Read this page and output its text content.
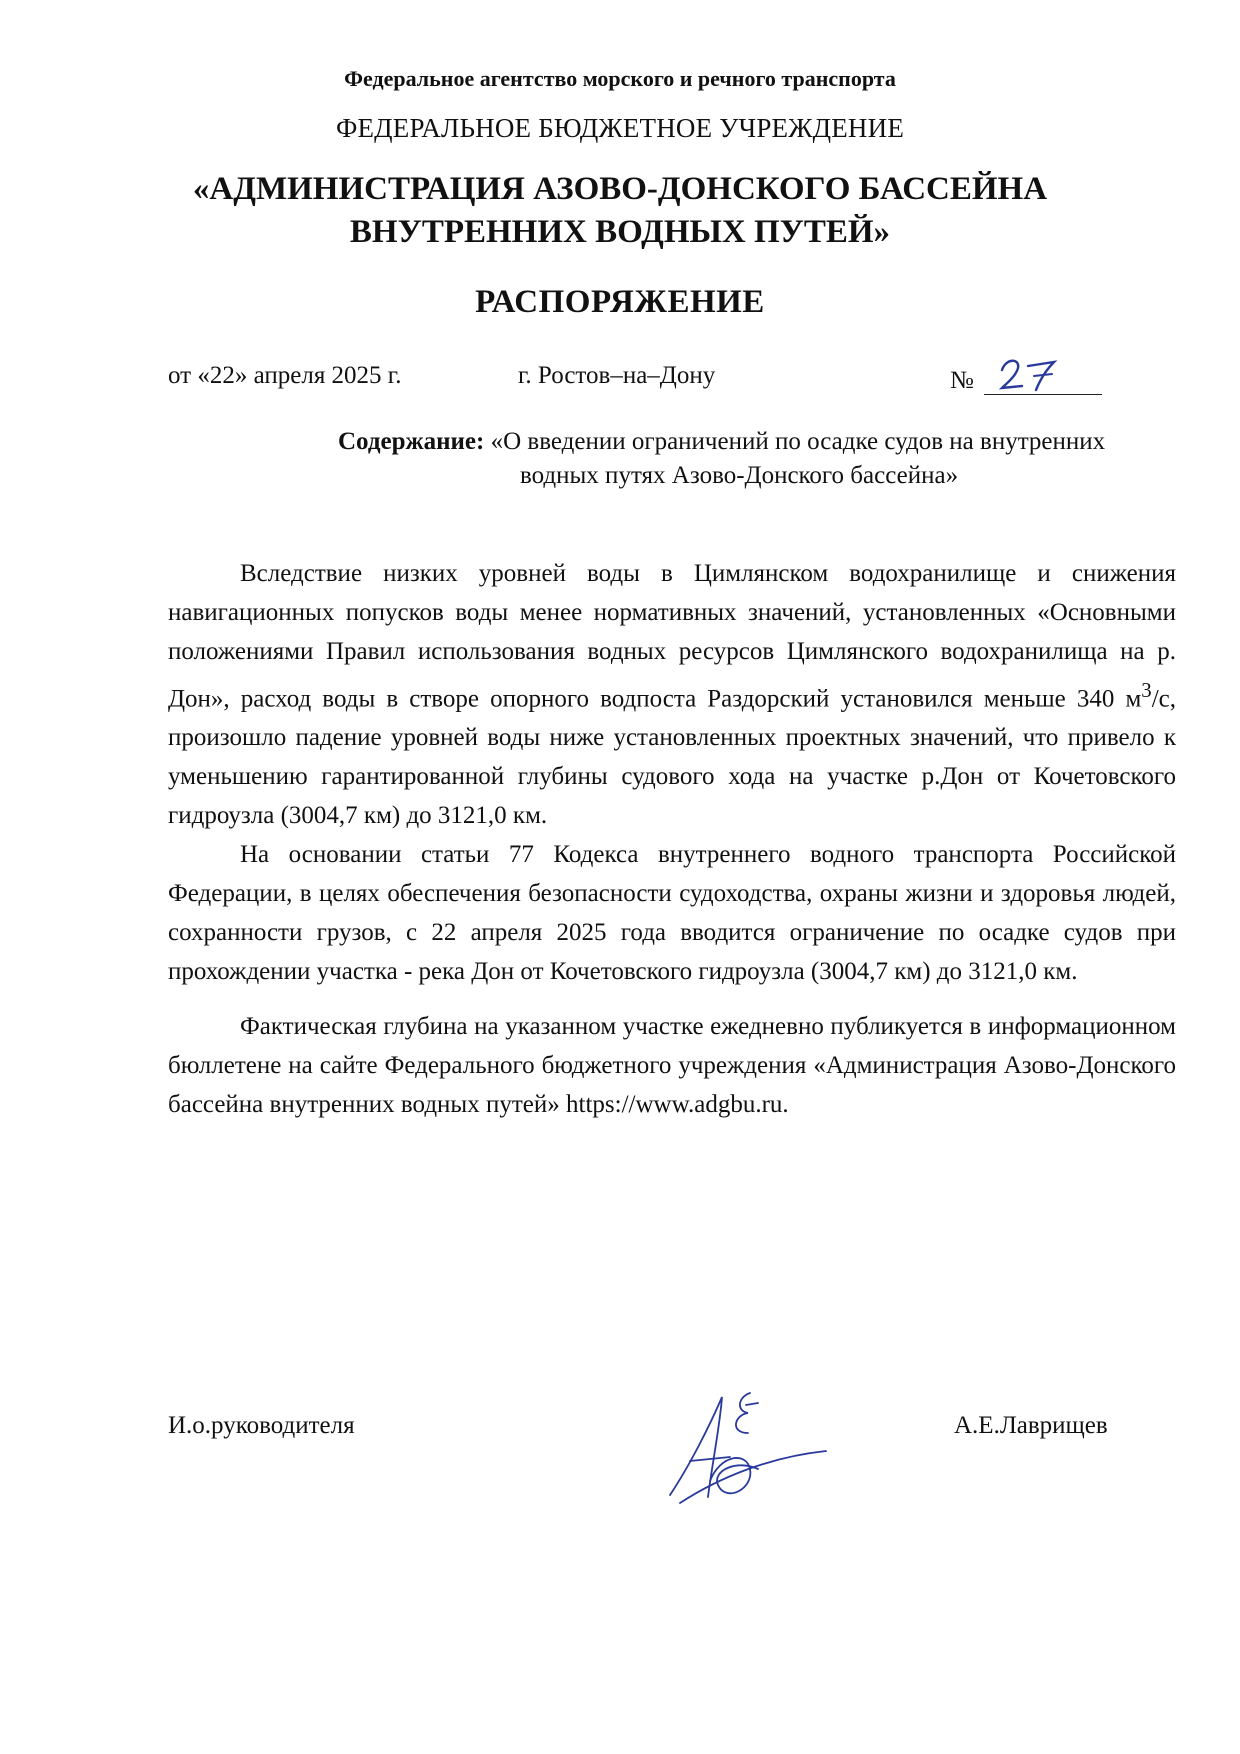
Федеральное агентство морского и речного транспорта
ФЕДЕРАЛЬНОЕ БЮДЖЕТНОЕ УЧРЕЖДЕНИЕ
«АДМИНИСТРАЦИЯ АЗОВО-ДОНСКОГО БАССЕЙНА
ВНУТРЕННИХ ВОДНЫХ ПУТЕЙ»
РАСПОРЯЖЕНИЕ
от «22» апреля 2025 г.	г. Ростов–на–Дону	№
Содержание: «О введении ограничений по осадке судов на внутренних
водных путях Азово-Донского бассейна»

Вследствие низких уровней воды в Цимлянском водохранилище и снижения навигационных попусков воды менее нормативных значений, установленных «Основными положениями Правил использования водных ресурсов Цимлянского водохранилища на р. Дон», расход воды в створе опорного водпоста Раздорский установился меньше 340 $м^3/с$, произошло падение уровней воды ниже установленных проектных значений, что привело к уменьшению гарантированной глубины судового хода на участке р.Дон от Кочетовского гидроузла (3004,7 км) до 3121,0 км.

На основании статьи 77 Кодекса внутреннего водного транспорта Российской Федерации, в целях обеспечения безопасности судоходства, охраны жизни и здоровья людей, сохранности грузов, с 22 апреля 2025 года вводится ограничение по осадке судов при прохождении участка - река Дон от Кочетовского гидроузла (3004,7 км) до 3121,0 км.

Фактическая глубина на указанном участке ежедневно публикуется в информационном бюллетене на сайте Федерального бюджетного учреждения «Администрация Азово-Донского бассейна внутренних водных путей» https://www.adgbu.ru.

И.о.руководителя	А.Е.Лаврищев
